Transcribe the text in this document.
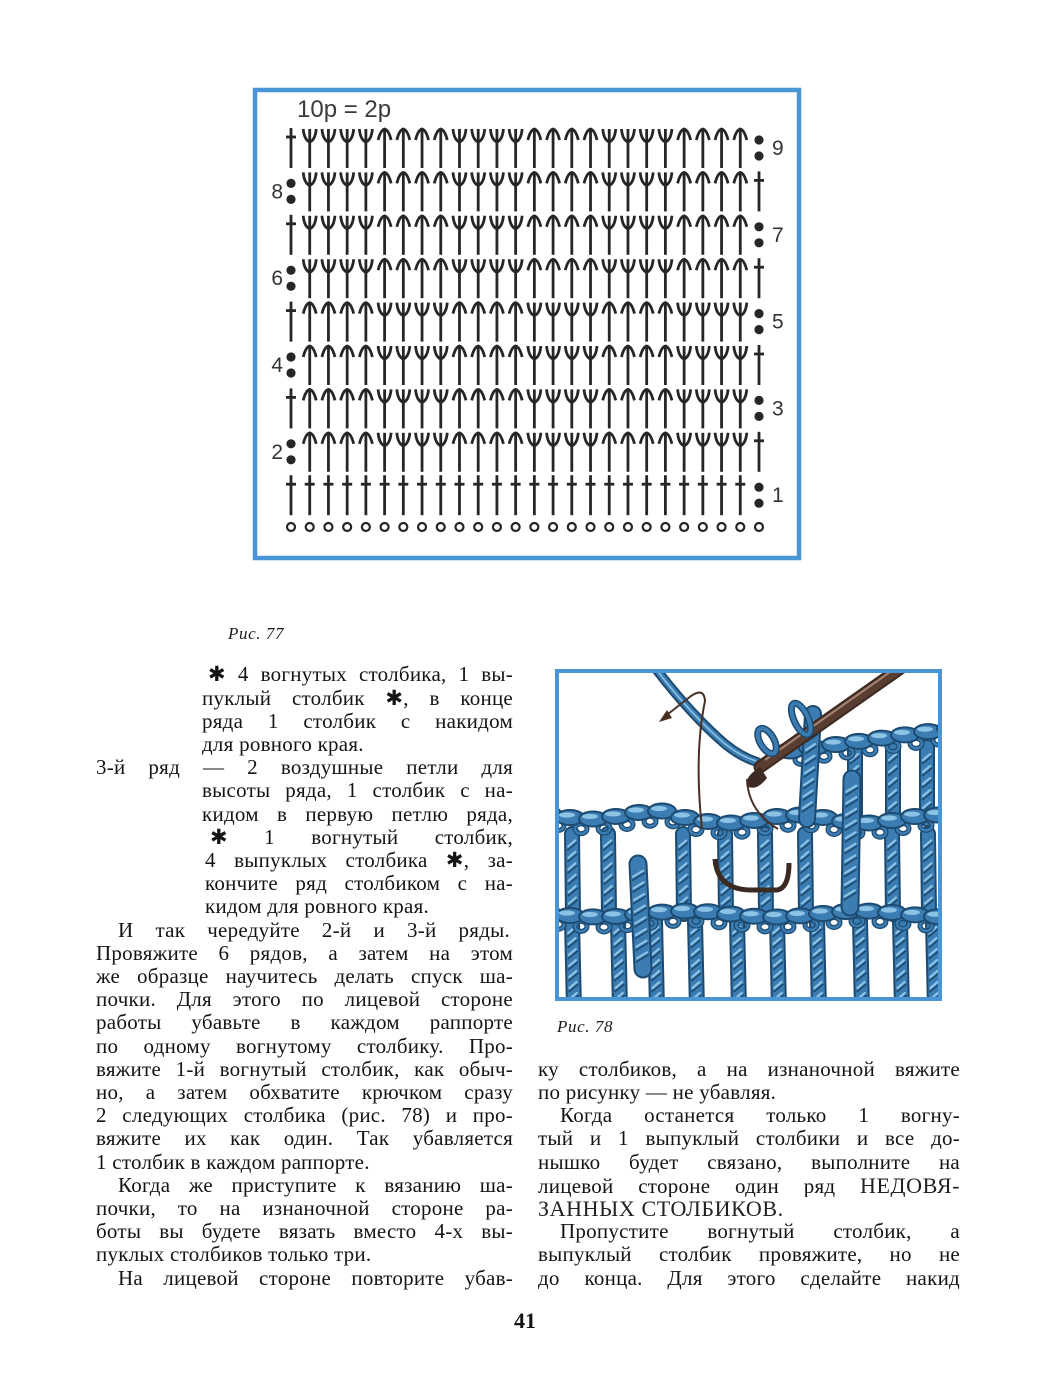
10р = 2р
9
8
7
6
5
4
3
2
1
Рис. 77
Рис. 78
✱ 4 вогнутых столбика, 1 вы-
пуклый столбик ✱, в конце
ряда 1 столбик с накидом
для ровного края.
3-й ряд — 2 воздушные петли для
высоты ряда, 1 столбик с на-
кидом в первую петлю ряда,
✱ 1 вогнутый столбик,
4 выпуклых столбика ✱, за-
кончите ряд столбиком с на-
кидом для ровного края.
И так чередуйте 2-й и 3-й ряды.
Провяжите 6 рядов, а затем на этом
же образце научитесь делать спуск ша-
почки. Для этого по лицевой стороне
работы убавьте в каждом раппорте
по одному вогнутому столбику. Про-
вяжите 1-й вогнутый столбик, как обыч-
но, а затем обхватите крючком сразу
2 следующих столбика (рис. 78) и про-
вяжите их как один. Так убавляется
1 столбик в каждом раппорте.
Когда же приступите к вязанию ша-
почки, то на изнаночной стороне ра-
боты вы будете вязать вместо 4-х вы-
пуклых столбиков только три.
На лицевой стороне повторите убав-
ку столбиков, а на изнаночной вяжите
по рисунку — не убавляя.
Когда останется только 1 вогну-
тый и 1 выпуклый столбики и все до-
нышко будет связано, выполните на
лицевой стороне один ряд НЕДОВЯ-
ЗАННЫХ СТОЛБИКОВ.
Пропустите вогнутый столбик, а
выпуклый столбик провяжите, но не
до конца. Для этого сделайте накид
41
